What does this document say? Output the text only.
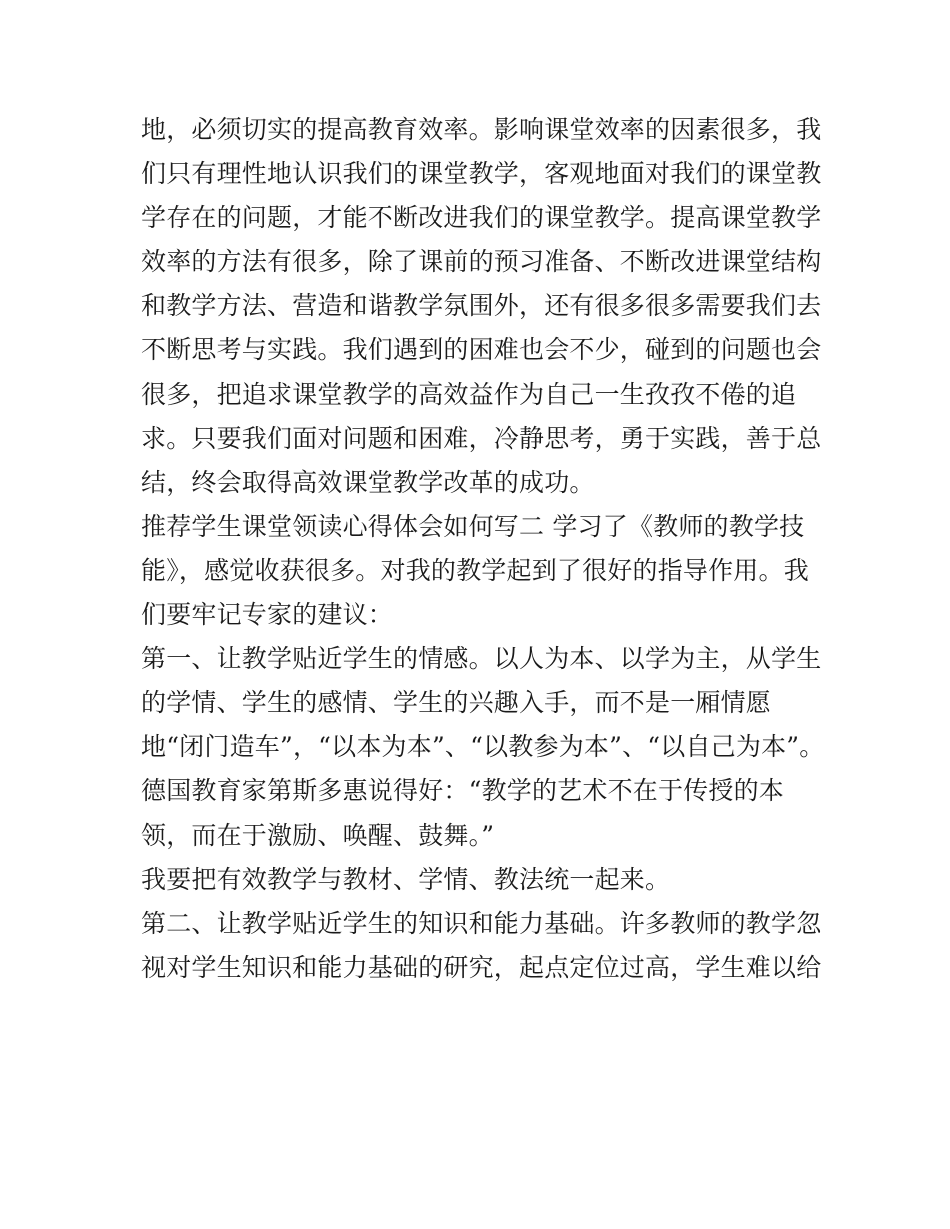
地，必须切实的提高教育效率。影响课堂效率的因素很多，我
们只有理性地认识我们的课堂教学，客观地面对我们的课堂教
学存在的问题，才能不断改进我们的课堂教学。提高课堂教学
效率的方法有很多，除了课前的预习准备、不断改进课堂结构
和教学方法、营造和谐教学氛围外，还有很多很多需要我们去
不断思考与实践。我们遇到的困难也会不少，碰到的问题也会
很多，把追求课堂教学的高效益作为自己一生孜孜不倦的追
求。只要我们面对问题和困难，冷静思考，勇于实践，善于总
结，终会取得高效课堂教学改革的成功。
推荐学生课堂领读心得体会如何写二 学习了《教师的教学技
能》，感觉收获很多。对我的教学起到了很好的指导作用。我
们要牢记专家的建议：
第一、让教学贴近学生的情感。以人为本、以学为主，从学生
的学情、学生的感情、学生的兴趣入手，而不是一厢情愿
地“闭门造车”，“以本为本”、“以教参为本”、“以自己为本”。
德国教育家第斯多惠说得好：“教学的艺术不在于传授的本
领，而在于激励、唤醒、鼓舞。”
我要把有效教学与教材、学情、教法统一起来。
第二、让教学贴近学生的知识和能力基础。许多教师的教学忽
视对学生知识和能力基础的研究，起点定位过高，学生难以给
